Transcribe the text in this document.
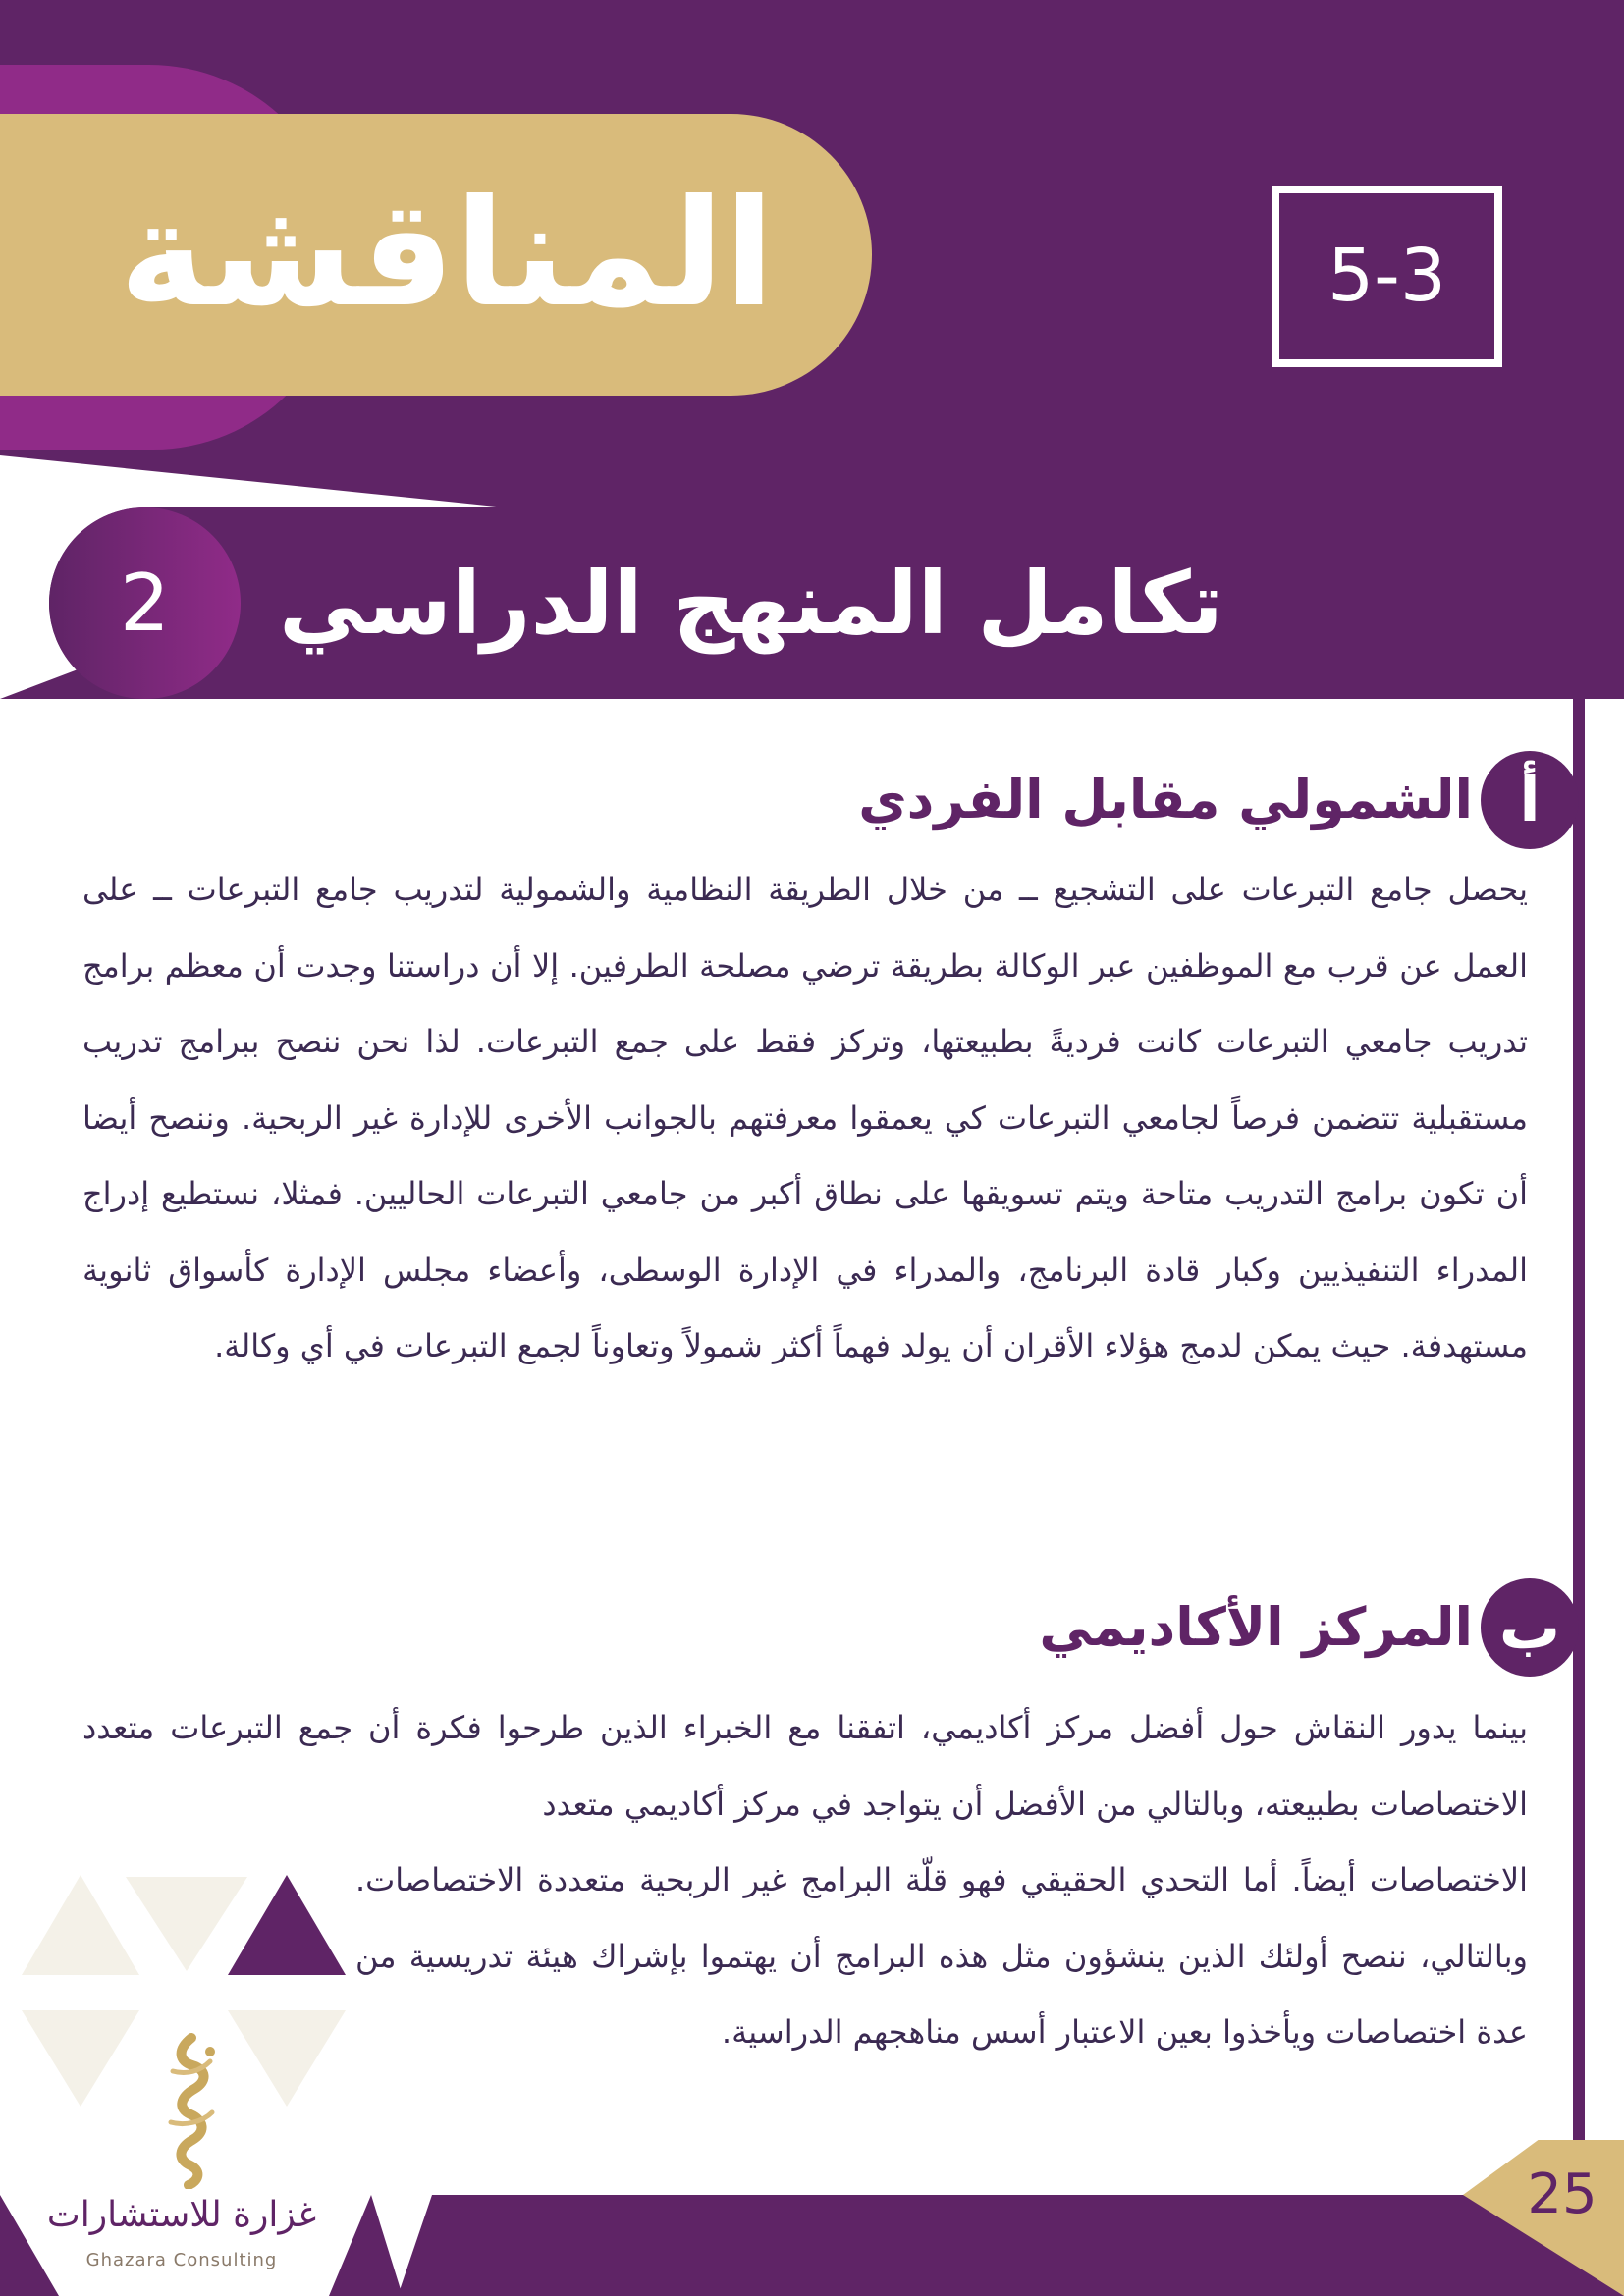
المناقشة	5-3
2	تكامل المنهج الدراسي
أ
الشمولي مقابل الفردي

يحصل جامع التبرعات على التشجيع ــ من خلال الطريقة النظامية والشمولية لتدريب جامع التبرعات ــ على العمل عن قرب مع الموظفين عبر الوكالة بطريقة ترضي مصلحة الطرفين. إلا أن دراستنا وجدت أن معظم برامج تدريب جامعي التبرعات كانت فرديةً بطبيعتها، وتركز فقط على جمع التبرعات. لذا نحن ننصح ببرامج تدريب مستقبلية تتضمن فرصاً لجامعي التبرعات كي يعمقوا معرفتهم بالجوانب الأخرى للإدارة غير الربحية. وننصح أيضا أن تكون برامج التدريب متاحة ويتم تسويقها على نطاق أكبر من جامعي التبرعات الحاليين. فمثلا، نستطيع إدراج المدراء التنفيذيين وكبار قادة البرنامج، والمدراء في الإدارة الوسطى، وأعضاء مجلس الإدارة كأسواق ثانوية مستهدفة. حيث يمكن لدمج هؤلاء الأقران أن يولد فهماً أكثر شمولاً وتعاوناً لجمع التبرعات في أي وكالة.

ب
المركز الأكاديمي

بينما يدور النقاش حول أفضل مركز أكاديمي، اتفقنا مع الخبراء الذين طرحوا فكرة أن جمع التبرعات متعدد الاختصاصات بطبيعته، وبالتالي من الأفضل أن يتواجد في مركز أكاديمي متعدد

الاختصاصات أيضاً. أما التحدي الحقيقي فهو قلّة البرامج غير الربحية متعددة الاختصاصات. وبالتالي، ننصح أولئك الذين ينشؤون مثل هذه البرامج أن يهتموا بإشراك هيئة تدريسية من عدة اختصاصات ويأخذوا بعين الاعتبار أسس مناهجهم الدراسية.

25
غزارة للاستشارات
Ghazara Consulting
